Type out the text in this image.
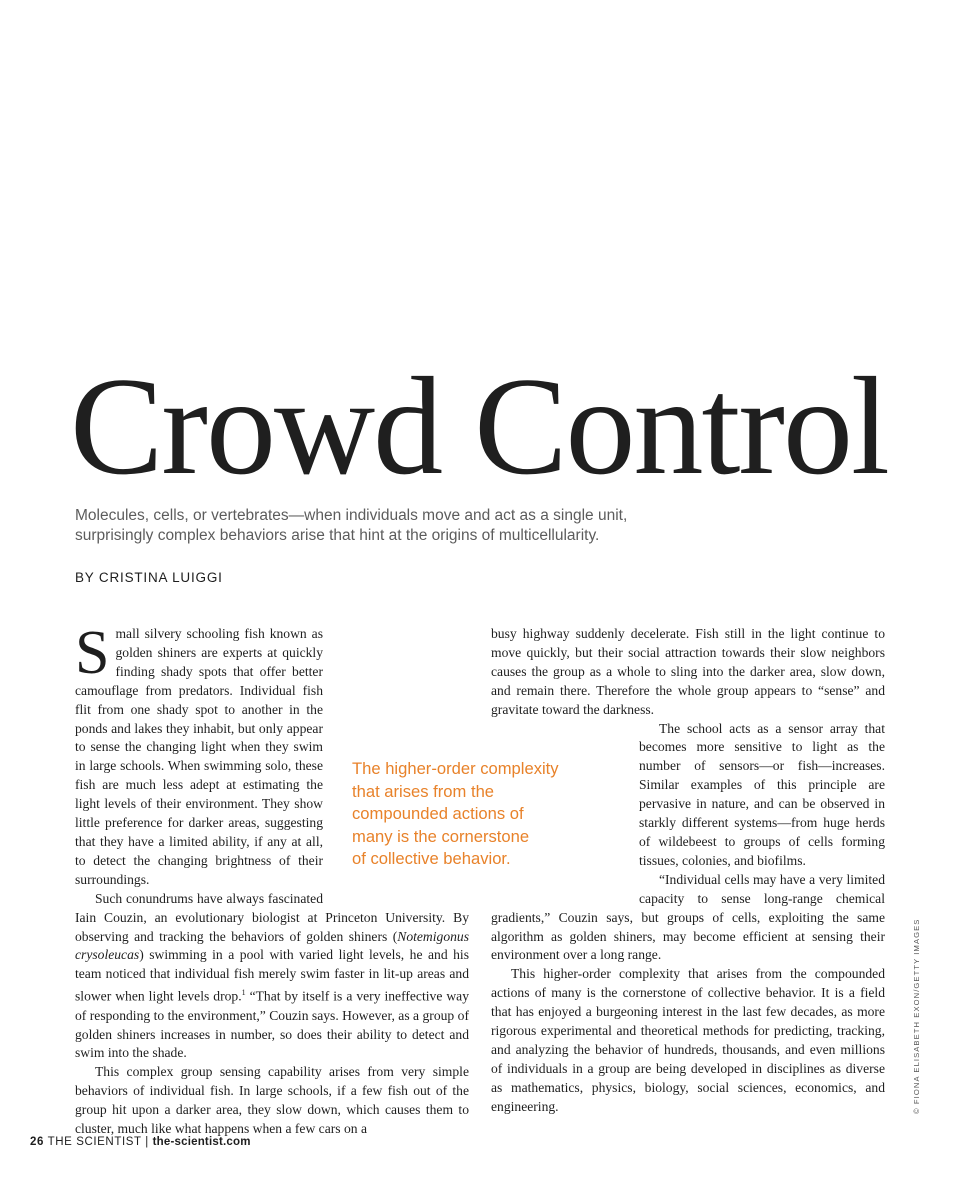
Crowd Control

Molecules, cells, or vertebrates—when individuals move and act as a single unit,
surprisingly complex behaviors arise that hint at the origins of multicellularity.

BY CRISTINA LUIGGI

Small silvery schooling fish known as golden shiners are experts at quickly finding shady spots that offer better camouflage from predators. Individual fish flit from one shady spot to another in the ponds and lakes they inhabit, but only appear to sense the changing light when they swim in large schools. When swimming solo, these fish are much less adept at estimating the light levels of their environment. They show little preference for darker areas, suggesting that they have a limited ability, if any at all, to detect the changing brightness of their surroundings.

Such conundrums have always fascinated Iain Couzin, an evolutionary biologist at Princeton University. By observing and tracking the behaviors of golden shiners (Notemigonus crysoleucas) swimming in a pool with varied light levels, he and his team noticed that individual fish merely swim faster in lit-up areas and slower when light levels drop.$^1$ “That by itself is a very ineffective way of responding to the environment,” Couzin says. However, as a group of golden shiners increases in number, so does their ability to detect and swim into the shade.

This complex group sensing capability arises from very simple behaviors of individual fish. In large schools, if a few fish out of the group hit upon a darker area, they slow down, which causes them to cluster, much like what happens when a few cars on a

busy highway suddenly decelerate. Fish still in the light continue to move quickly, but their social attraction towards their slow neighbors causes the group as a whole to sling into the darker area, slow down, and remain there. Therefore the whole group appears to “sense” and gravitate toward the darkness.

The school acts as a sensor array that becomes more sensitive to light as the number of sensors—or fish—increases. Similar examples of this principle are pervasive in nature, and can be observed in starkly different systems—from huge herds of wildebeest to groups of cells forming tissues, colonies, and biofilms.

“Individual cells may have a very limited capacity to sense long-range chemical gradients,” Couzin says, but groups of cells, exploiting the same algorithm as golden shiners, may become efficient at sensing their environment over a long range.

This higher-order complexity that arises from the compounded actions of many is the cornerstone of collective behavior. It is a field that has enjoyed a burgeoning interest in the last few decades, as more rigorous experimental and theoretical methods for predicting, tracking, and analyzing the behavior of hundreds, thousands, and even millions of individuals in a group are being developed in disciplines as diverse as mathematics, physics, biology, social sciences, economics, and engineering.

The higher-order complexity
that arises from the
compounded actions of
many is the cornerstone
of collective behavior.

© FIONA ELISABETH EXON/GETTY IMAGES
26 THE SCIENTIST | the-scientist.com
